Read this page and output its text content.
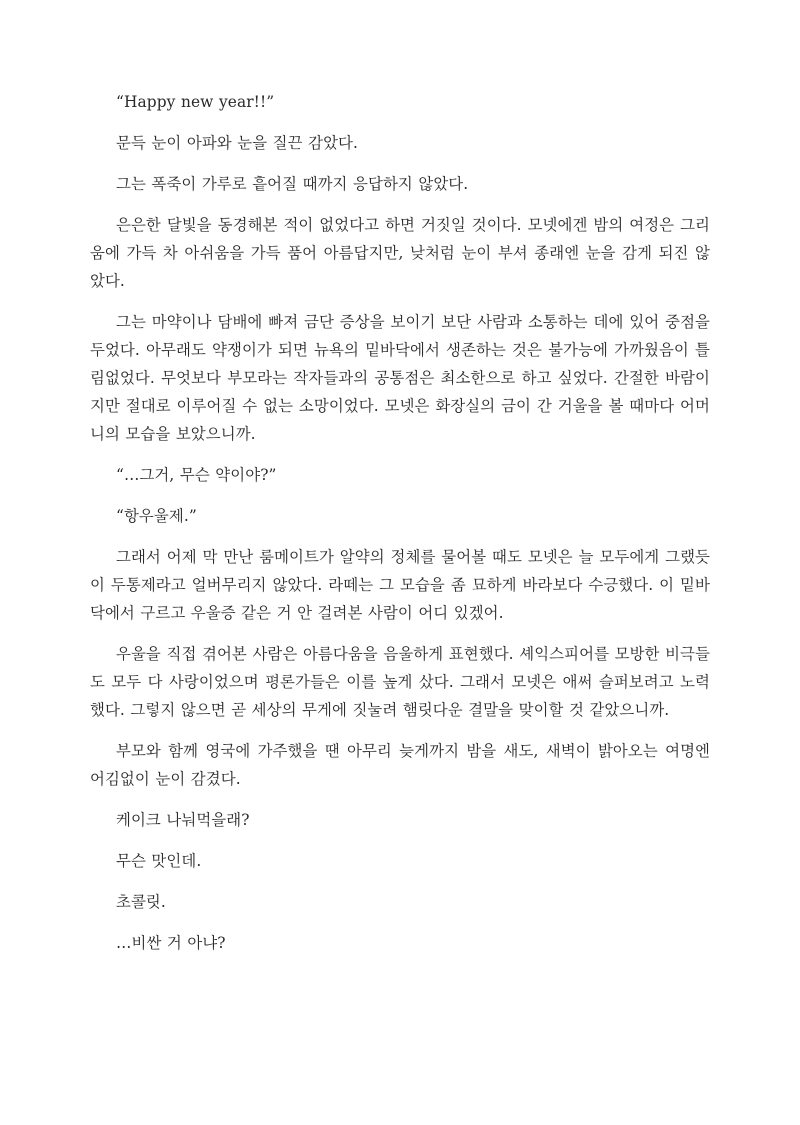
“Happy new year!!”

문득 눈이 아파와 눈을 질끈 감았다.

그는 폭죽이 가루로 흩어질 때까지 응답하지 않았다.

은은한 달빛을 동경해본 적이 없었다고 하면 거짓일 것이다. 모넷에겐 밤의 여정은 그리움에 가득 차 아쉬움을 가득 품어 아름답지만, 낮처럼 눈이 부셔 종래엔 눈을 감게 되진 않았다.

그는 마약이나 담배에 빠져 금단 증상을 보이기 보단 사람과 소통하는 데에 있어 중점을 두었다. 아무래도 약쟁이가 되면 뉴욕의 밑바닥에서 생존하는 것은 불가능에 가까웠음이 틀림없었다. 무엇보다 부모라는 작자들과의 공통점은 최소한으로 하고 싶었다. 간절한 바람이지만 절대로 이루어질 수 없는 소망이었다. 모넷은 화장실의 금이 간 거울을 볼 때마다 어머니의 모습을 보았으니까.

“…그거, 무슨 약이야?”

“항우울제.”

그래서 어제 막 만난 룸메이트가 알약의 정체를 물어볼 때도 모넷은 늘 모두에게 그랬듯이 두통제라고 얼버무리지 않았다. 라떼는 그 모습을 좀 묘하게 바라보다 수긍했다. 이 밑바닥에서 구르고 우울증 같은 거 안 걸려본 사람이 어디 있겠어.

우울을 직접 겪어본 사람은 아름다움을 음울하게 표현했다. 셰익스피어를 모방한 비극들도 모두 다 사랑이었으며 평론가들은 이를 높게 샀다. 그래서 모넷은 애써 슬퍼보려고 노력했다. 그렇지 않으면 곧 세상의 무게에 짓눌려 햄릿다운 결말을 맞이할 것 같았으니까.

부모와 함께 영국에 가주했을 땐 아무리 늦게까지 밤을 새도, 새벽이 밝아오는 여명엔 어김없이 눈이 감겼다.

케이크 나눠먹을래?

무슨 맛인데.

초콜릿.

…비싼 거 아냐?
